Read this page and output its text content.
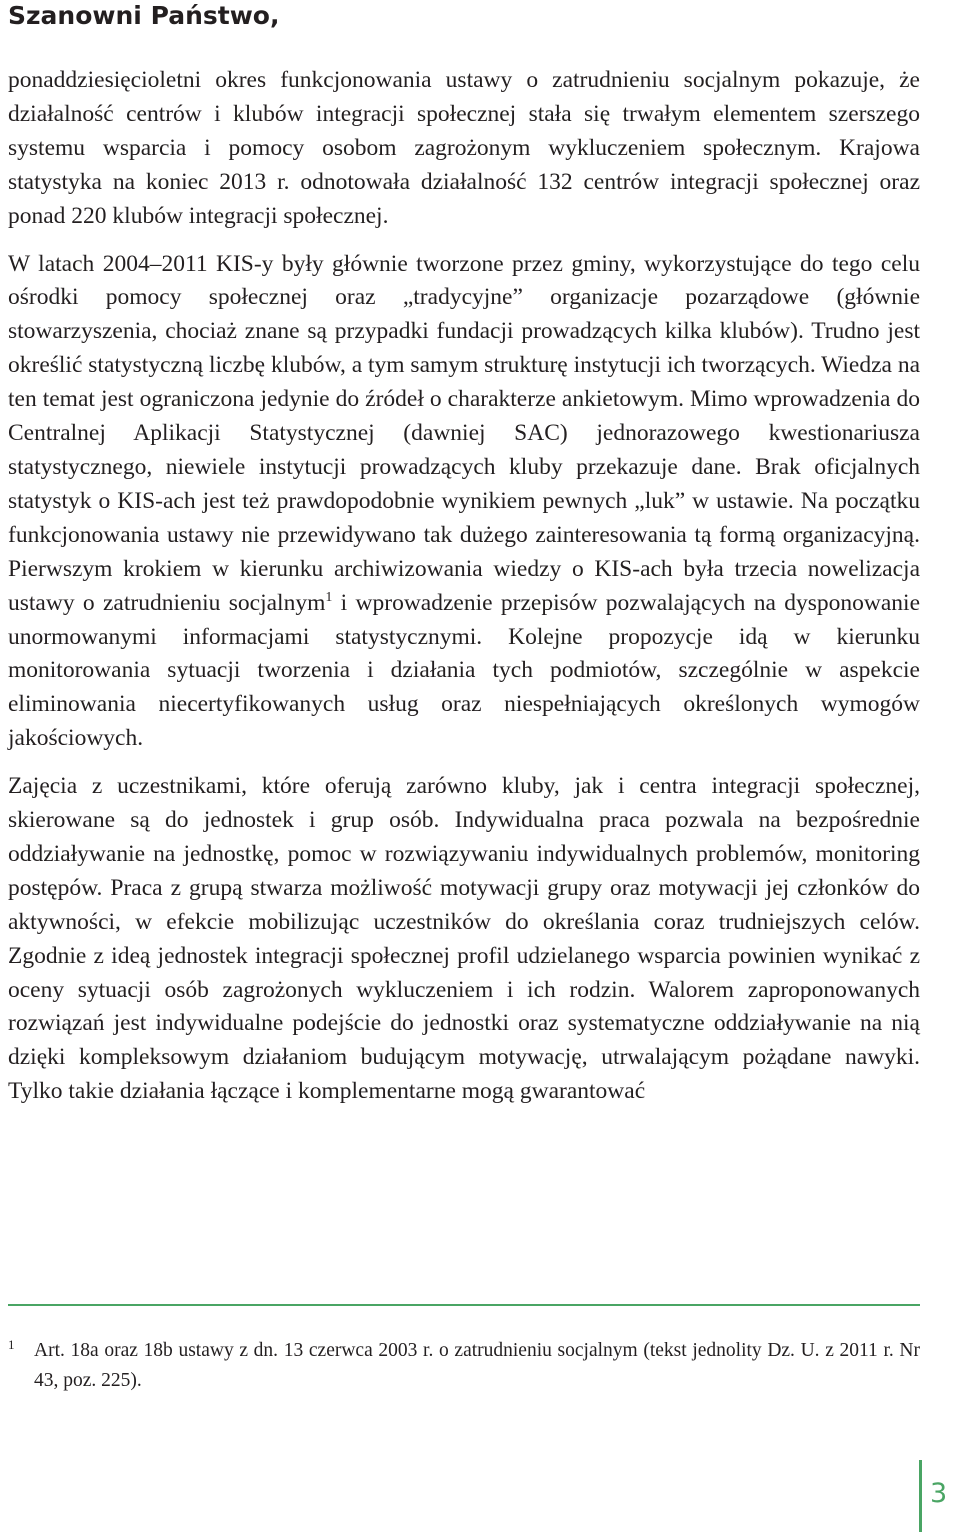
Szanowni Państwo,

ponaddziesięcioletni okres funkcjonowania ustawy o zatrudnieniu socjalnym pokazuje, że działalność centrów i klubów integracji społecznej stała się trwałym elementem szerszego systemu wsparcia i pomocy osobom zagrożonym wykluczeniem społecznym. Krajowa statystyka na koniec 2013 r. odnotowała działalność 132 centrów integracji społecznej oraz ponad 220 klubów integracji społecznej.

W latach 2004–2011 KIS-y były głównie tworzone przez gminy, wykorzystujące do tego celu ośrodki pomocy społecznej oraz „tradycyjne” organizacje pozarządowe (głównie stowarzyszenia, chociaż znane są przypadki fundacji prowadzących kilka klubów). Trudno jest określić statystyczną liczbę klubów, a tym samym strukturę instytucji ich tworzących. Wiedza na ten temat jest ograniczona jedynie do źródeł o charakterze ankietowym. Mimo wprowadzenia do Centralnej Aplikacji Statystycznej (dawniej SAC) jednorazowego kwestionariusza statystycznego, niewiele instytucji prowadzących kluby przekazuje dane. Brak oficjalnych statystyk o KIS-ach jest też prawdopodobnie wynikiem pewnych „luk” w ustawie. Na początku funkcjonowania ustawy nie przewidywano tak dużego zainteresowania tą formą organizacyjną. Pierwszym krokiem w kierunku archiwizowania wiedzy o KIS-ach była trzecia nowelizacja ustawy o zatrudnieniu socjalnym$^1$ i wprowadzenie przepisów pozwalających na dysponowanie unormowanymi informacjami statystycznymi. Kolejne propozycje idą w kierunku monitorowania sytuacji tworzenia i działania tych podmiotów, szczególnie w aspekcie eliminowania niecertyfikowanych usług oraz niespełniających określonych wymogów jakościowych.

Zajęcia z uczestnikami, które oferują zarówno kluby, jak i centra integracji społecznej, skierowane są do jednostek i grup osób. Indywidualna praca pozwala na bezpośrednie oddziaływanie na jednostkę, pomoc w rozwiązywaniu indywidualnych problemów, monitoring postępów. Praca z grupą stwarza możliwość motywacji grupy oraz motywacji jej członków do aktywności, w efekcie mobilizując uczestników do określania coraz trudniejszych celów. Zgodnie z ideą jednostek integracji społecznej profil udzielanego wsparcia powinien wynikać z oceny sytuacji osób zagrożonych wykluczeniem i ich rodzin. Walorem zaproponowanych rozwiązań jest indywidualne podejście do jednostki oraz systematyczne oddziaływanie na nią dzięki kompleksowym działaniom budującym motywację, utrwalającym pożądane nawyki. Tylko takie działania łączące i komplementarne mogą gwarantować

1	Art. 18a oraz 18b ustawy z dn. 13 czerwca 2003 r. o zatrudnieniu socjalnym (tekst jednolity Dz. U. z 2011 r. Nr 43, poz. 225).
3
